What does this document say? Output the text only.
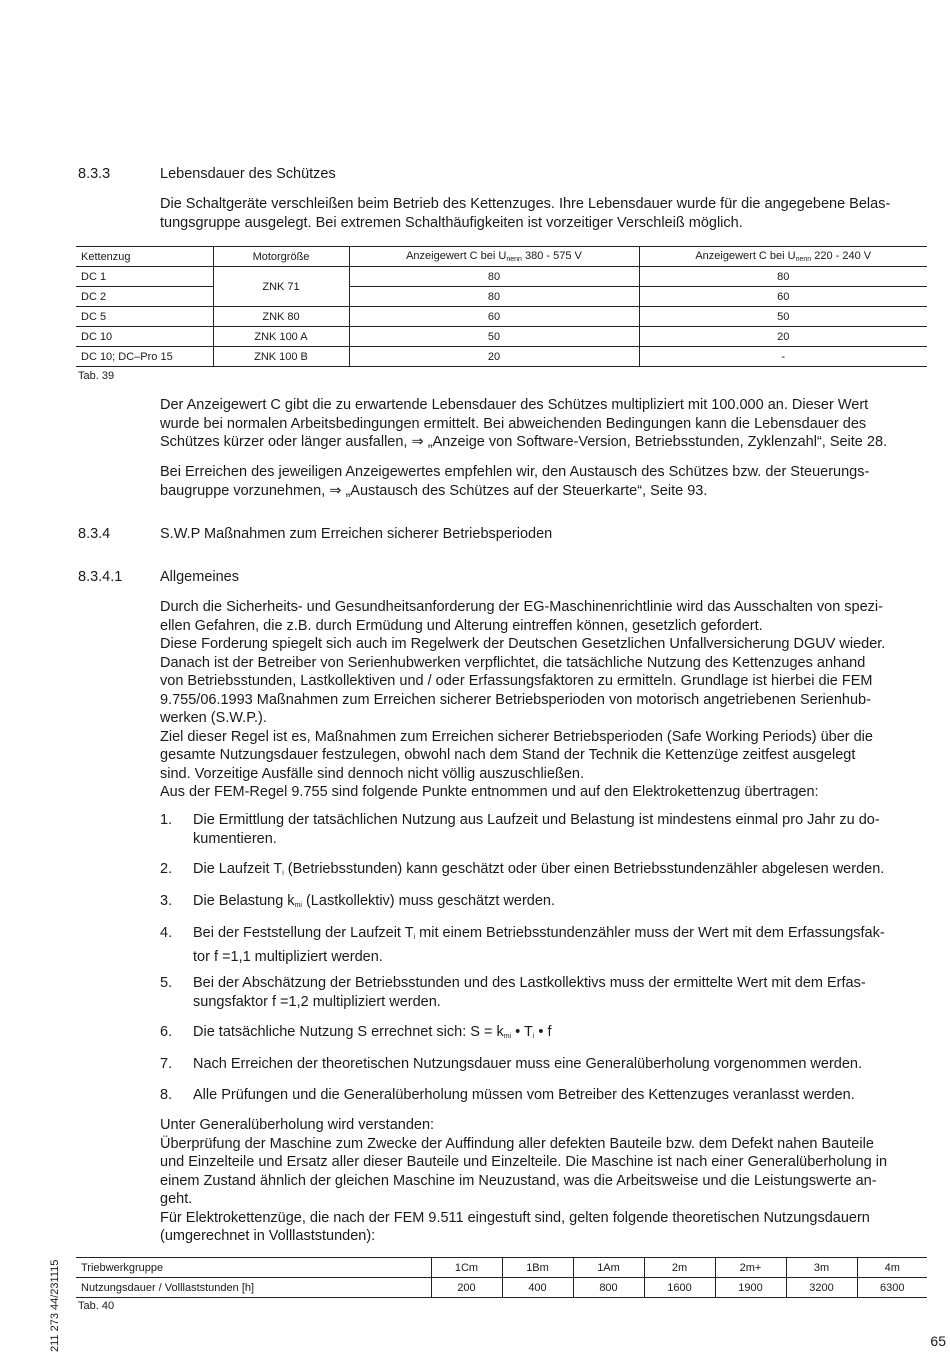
8.3.3	Lebensdauer des Schützes

Die Schaltgeräte verschleißen beim Betrieb des Kettenzuges. Ihre Lebensdauer wurde für die angegebene Belas-
tungsgruppe ausgelegt. Bei extremen Schalthäufigkeiten ist vorzeitiger Verschleiß möglich.

Kettenzug	Motorgröße	Anzeigewert C bei $U_{nenn}$ 380 - 575 V	Anzeigewert C bei $U_{nenn}$ 220 - 240 V
DC 1	ZNK 71	80	80
DC 2		80	60
DC 5	ZNK 80	60	50
DC 10	ZNK 100 A	50	20
DC 10; DC–Pro 15	ZNK 100 B	20	-
Tab. 39

Der Anzeigewert C gibt die zu erwartende Lebensdauer des Schützes multipliziert mit 100.000 an. Dieser Wert
wurde bei normalen Arbeitsbedingungen ermittelt. Bei abweichenden Bedingungen kann die Lebensdauer des
Schützes kürzer oder länger ausfallen, ⇒ „Anzeige von Software-Version, Betriebsstunden, Zyklenzahl“, Seite 28.

Bei Erreichen des jeweiligen Anzeigewertes empfehlen wir, den Austausch des Schützes bzw. der Steuerungs-
baugruppe vorzunehmen, ⇒ „Austausch des Schützes auf der Steuerkarte“, Seite 93.

8.3.4	S.W.P Maßnahmen zum Erreichen sicherer Betriebsperioden
8.3.4.1	Allgemeines

Durch die Sicherheits- und Gesundheitsanforderung der EG-Maschinenrichtlinie wird das Ausschalten von spezi-
ellen Gefahren, die z.B. durch Ermüdung und Alterung eintreffen können, gesetzlich gefordert.
Diese Forderung spiegelt sich auch im Regelwerk der Deutschen Gesetzlichen Unfallversicherung DGUV wieder.
Danach ist der Betreiber von Serienhubwerken verpflichtet, die tatsächliche Nutzung des Kettenzuges anhand
von Betriebsstunden, Lastkollektiven und / oder Erfassungsfaktoren zu ermitteln. Grundlage ist hierbei die FEM
9.755/06.1993 Maßnahmen zum Erreichen sicherer Betriebsperioden von motorisch angetriebenen Serienhub-
werken (S.W.P.).
Ziel dieser Regel ist es, Maßnahmen zum Erreichen sicherer Betriebsperioden (Safe Working Periods) über die
gesamte Nutzungsdauer festzulegen, obwohl nach dem Stand der Technik die Kettenzüge zeitfest ausgelegt
sind. Vorzeitige Ausfälle sind dennoch nicht völlig auszuschließen.
Aus der FEM-Regel 9.755 sind folgende Punkte entnommen und auf den Elektrokettenzug übertragen:

1. Die Ermittlung der tatsächlichen Nutzung aus Laufzeit und Belastung ist mindestens einmal pro Jahr zu do-
kumentieren.
2. Die Laufzeit $T_i$ (Betriebsstunden) kann geschätzt oder über einen Betriebsstundenzähler abgelesen werden.
3. Die Belastung $k_{mi}$ (Lastkollektiv) muss geschätzt werden.
4. Bei der Feststellung der Laufzeit $T_i$ mit einem Betriebsstundenzähler muss der Wert mit dem Erfassungsfak-
tor f =1,1 multipliziert werden.
5. Bei der Abschätzung der Betriebsstunden und des Lastkollektivs muss der ermittelte Wert mit dem Erfas-
sungsfaktor f =1,2 multipliziert werden.
6. Die tatsächliche Nutzung S errechnet sich: $S = k_{mi}$ • $T_i$ • f
7. Nach Erreichen der theoretischen Nutzungsdauer muss eine Generalüberholung vorgenommen werden.
8. Alle Prüfungen und die Generalüberholung müssen vom Betreiber des Kettenzuges veranlasst werden.

Unter Generalüberholung wird verstanden:
Überprüfung der Maschine zum Zwecke der Auffindung aller defekten Bauteile bzw. dem Defekt nahen Bauteile
und Einzelteile und Ersatz aller dieser Bauteile und Einzelteile. Die Maschine ist nach einer Generalüberholung in
einem Zustand ähnlich der gleichen Maschine im Neuzustand, was die Arbeitsweise und die Leistungswerte an-
geht.
Für Elektrokettenzüge, die nach der FEM 9.511 eingestuft sind, gelten folgende theoretischen Nutzungsdauern
(umgerechnet in Volllaststunden):

Triebwerkgruppe	1Cm	1Bm	1Am	2m	2m+	3m	4m
Nutzungsdauer / Volllaststunden [h]	200	400	800	1600	1900	3200	6300
Tab. 40
211 273 44/231115	65
